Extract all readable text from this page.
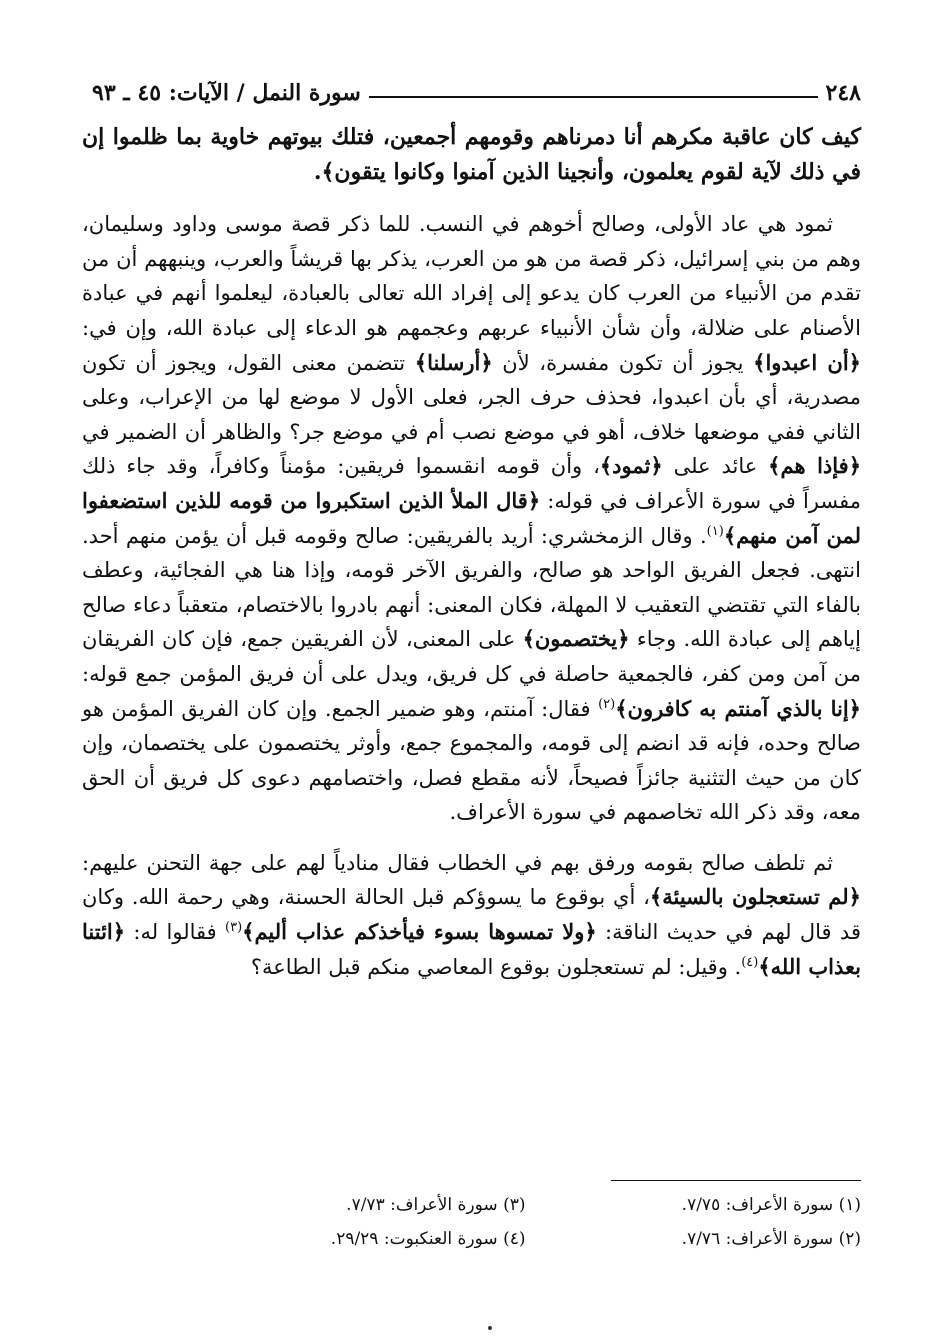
٢٤٨
سورة النمل / الآيات: ٤٥ ـ ٩٣

كيف كان عاقبة مكرهم أنا دمرناهم وقومهم أجمعين، فتلك بيوتهم خاوية بما ظلموا إن في ذلك لآية لقوم يعلمون، وأنجينا الذين آمنوا وكانوا يتقون﴾.

ثمود هي عاد الأولى، وصالح أخوهم في النسب. للما ذكر قصة موسى وداود وسليمان، وهم من بني إسرائيل، ذكر قصة من هو من العرب، يذكر بها قريشاً والعرب، وينبههم أن من تقدم من الأنبياء من العرب كان يدعو إلى إفراد الله تعالى بالعبادة، ليعلموا أنهم في عبادة الأصنام على ضلالة، وأن شأن الأنبياء عربهم وعجمهم هو الدعاء إلى عبادة الله، وإن في: ﴿أن اعبدوا﴾ يجوز أن تكون مفسرة، لأن ﴿أرسلنا﴾ تتضمن معنى القول، ويجوز أن تكون مصدرية، أي بأن اعبدوا، فحذف حرف الجر، فعلى الأول لا موضع لها من الإعراب، وعلى الثاني ففي موضعها خلاف، أهو في موضع نصب أم في موضع جر؟ والظاهر أن الضمير في ﴿فإذا هم﴾ عائد على ﴿ثمود﴾، وأن قومه انقسموا فريقين: مؤمناً وكافراً، وقد جاء ذلك مفسراً في سورة الأعراف في قوله: ﴿قال الملأ الذين استكبروا من قومه للذين استضعفوا لمن آمن منهم﴾$^{(١)}$. وقال الزمخشري: أريد بالفريقين: صالح وقومه قبل أن يؤمن منهم أحد. انتهى. فجعل الفريق الواحد هو صالح، والفريق الآخر قومه، وإذا هنا هي الفجائية، وعطف بالفاء التي تقتضي التعقيب لا المهلة، فكان المعنى: أنهم بادروا بالاختصام، متعقباً دعاء صالح إياهم إلى عبادة الله. وجاء ﴿يختصمون﴾ على المعنى، لأن الفريقين جمع، فإن كان الفريقان من آمن ومن كفر، فالجمعية حاصلة في كل فريق، ويدل على أن فريق المؤمن جمع قوله: ﴿إنا بالذي آمنتم به كافرون﴾$^{(٢)}$ فقال: آمنتم، وهو ضمير الجمع. وإن كان الفريق المؤمن هو صالح وحده، فإنه قد انضم إلى قومه، والمجموع جمع، وأوثر يختصمون على يختصمان، وإن كان من حيث التثنية جائزاً فصيحاً، لأنه مقطع فصل، واختصامهم دعوى كل فريق أن الحق معه، وقد ذكر الله تخاصمهم في سورة الأعراف.

ثم تلطف صالح بقومه ورفق بهم في الخطاب فقال منادياً لهم على جهة التحنن عليهم: ﴿لم تستعجلون بالسيئة﴾، أي بوقوع ما يسوؤكم قبل الحالة الحسنة، وهي رحمة الله. وكان قد قال لهم في حديث الناقة: ﴿ولا تمسوها بسوء فيأخذكم عذاب أليم﴾$^{(٣)}$ فقالوا له: ﴿ائتنا بعذاب الله﴾$^{(٤)}$. وقيل: لم تستعجلون بوقوع المعاصي منكم قبل الطاعة؟

(١) سورة الأعراف: ٧/٧٥.
(٣) سورة الأعراف: ٧/٧٣.
(٢) سورة الأعراف: ٧/٧٦.
(٤) سورة العنكبوت: ٢٩/٢٩.
